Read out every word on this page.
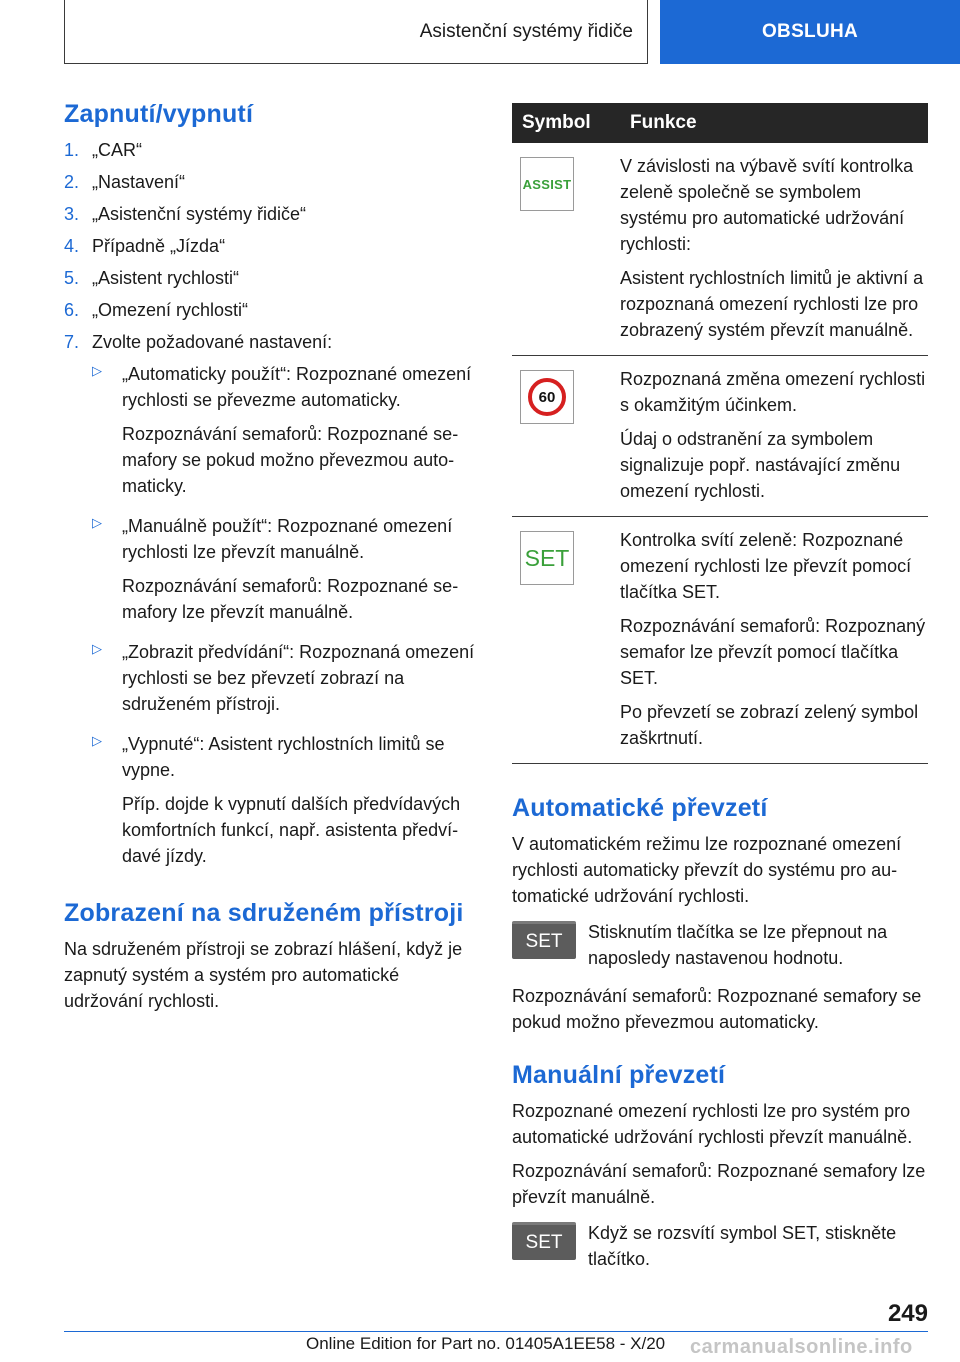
Asistenční systémy řidiče	OBSLUHA
Zapnutí/vypnutí
1. „CAR“
2. „Nastavení“
3. „Asistenční systémy řidiče“
4. Případně „Jízda“
5. „Asistent rychlosti“
6. „Omezení rychlosti“
7. Zvolte požadované nastavení:
▷	„Automaticky použít“: Rozpoznané omezení rychlosti se převezme automaticky.

Rozpoznávání semaforů: Rozpoznané semafory se pokud možno převezmou automaticky.

▷	„Manuálně použít“: Rozpoznané omezení rychlosti lze převzít manuálně.

Rozpoznávání semaforů: Rozpoznané semafory lze převzít manuálně.

▷	„Zobrazit předvídání“: Rozpoznaná omezení rychlosti se bez převzetí zobrazí na sdruženém přístroji.

▷	„Vypnuté“: Asistent rychlostních limitů se vypne.

Příp. dojde k vypnutí dalších předvídavých komfortních funkcí, např. asistenta předvídavé jízdy.

Zobrazení na sdruženém přístroji

Na sdruženém přístroji se zobrazí hlášení, když je zapnutý systém a systém pro automatické udržování rychlosti.

Symbol	Funkce

ASSIST	V závislosti na výbavě svítí kontrolka zeleně společně se symbolem systému pro automatické udržování rychlosti:

Asistent rychlostních limitů je aktivní a rozpoznaná omezení rychlosti lze pro zobrazený systém převzít manuálně.

60	Rozpoznaná změna omezení rychlosti s okamžitým účinkem.

Údaj o odstranění za symbolem signalizuje popř. nastávající změnu omezení rychlosti.

SET	Kontrolka svítí zeleně: Rozpoznané omezení rychlosti lze převzít pomocí tlačítka SET.

Rozpoznávání semaforů: Rozpoznaný semafor lze převzít pomocí tlačítka SET.

Po převzetí se zobrazí zelený symbol zaškrtnutí.

Automatické převzetí

V automatickém režimu lze rozpoznané omezení rychlosti automaticky převzít do systému pro automatické udržování rychlosti.

SET	Stisknutím tlačítka se lze přepnout na naposledy nastavenou hodnotu.

Rozpoznávání semaforů: Rozpoznané semafory se pokud možno převezmou automaticky.

Manuální převzetí

Rozpoznané omezení rychlosti lze pro systém pro automatické udržování rychlosti převzít manuálně.

Rozpoznávání semaforů: Rozpoznané semafory lze převzít manuálně.

SET	Když se rozsvítí symbol SET, stiskněte tlačítko.

249
Online Edition for Part no. 01405A1EE58 - X/20 carmanualsonline.info
